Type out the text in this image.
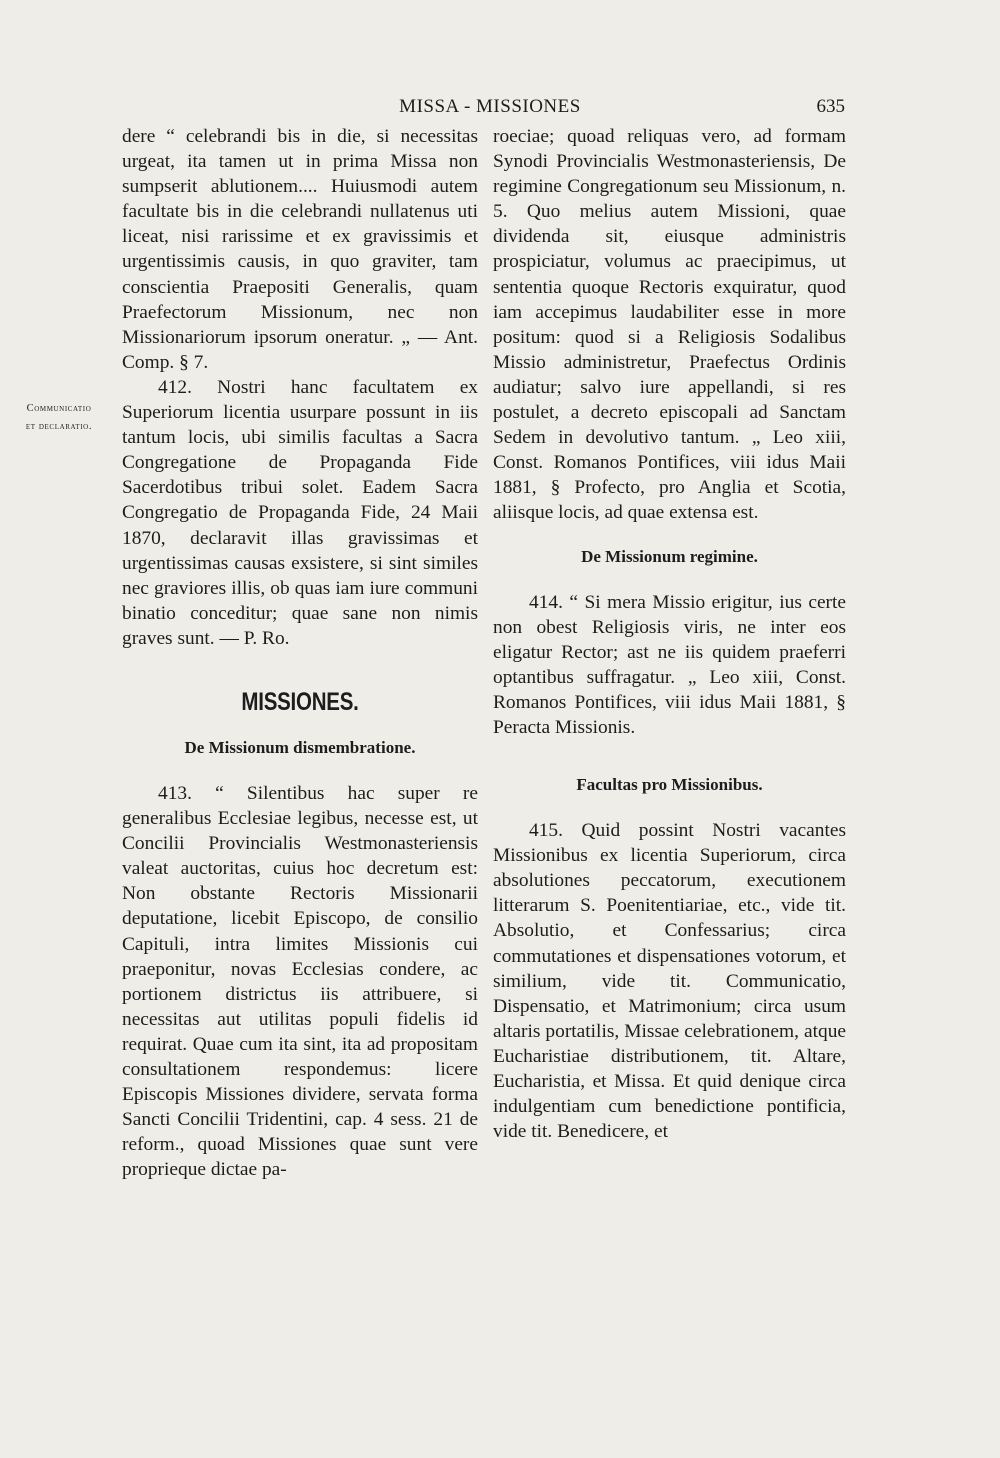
MISSA - MISSIONES	635
Communicatio
et declaratio.

dere “ celebrandi bis in die, si necessitas urgeat, ita tamen ut in prima Missa non sumpserit ablutionem.... Huiusmodi autem facultate bis in die celebrandi nullatenus uti liceat, nisi rarissime et ex gravissimis et urgentissimis causis, in quo graviter, tam conscientia Praepositi Generalis, quam Praefectorum Missionum, nec non Missionariorum ipsorum oneratur. „ — Ant. Comp. § 7.

412. Nostri hanc facultatem ex Superiorum licentia usurpare possunt in iis tantum locis, ubi similis facultas a Sacra Congregatione de Propaganda Fide Sacerdotibus tribui solet. Eadem Sacra Congregatio de Propaganda Fide, 24 Maii 1870, declaravit illas gravissimas et urgentissimas causas exsistere, si sint similes nec graviores illis, ob quas iam iure communi binatio conceditur; quae sane non nimis graves sunt. — P. Ro.

MISSIONES.
De Missionum dismembratione.

413. “ Silentibus hac super re generalibus Ecclesiae legibus, necesse est, ut Concilii Provincialis Westmonasteriensis valeat auctoritas, cuius hoc decretum est: Non obstante Rectoris Missionarii deputatione, licebit Episcopo, de consilio Capituli, intra limites Missionis cui praeponitur, novas Ecclesias condere, ac portionem districtus iis attribuere, si necessitas aut utilitas populi fidelis id requirat. Quae cum ita sint, ita ad propositam consultationem respondemus: licere Episcopis Missiones dividere, servata forma Sancti Concilii Tridentini, cap. 4 sess. 21 de reform., quoad Missiones quae sunt vere proprieque dictae pa-

roeciae; quoad reliquas vero, ad formam Synodi Provincialis Westmonasteriensis, De regimine Congregationum seu Missionum, n. 5. Quo melius autem Missioni, quae dividenda sit, eiusque administris prospiciatur, volumus ac praecipimus, ut sententia quoque Rectoris exquiratur, quod iam accepimus laudabiliter esse in more positum: quod si a Religiosis Sodalibus Missio administretur, Praefectus Ordinis audiatur; salvo iure appellandi, si res postulet, a decreto episcopali ad Sanctam Sedem in devolutivo tantum. „ Leo xiii, Const. Romanos Pontifices, viii idus Maii 1881, § Profecto, pro Anglia et Scotia, aliisque locis, ad quae extensa est.

De Missionum regimine.

414. “ Si mera Missio erigitur, ius certe non obest Religiosis viris, ne inter eos eligatur Rector; ast ne iis quidem praeferri optantibus suffragatur. „ Leo xiii, Const. Romanos Pontifices, viii idus Maii 1881, § Peracta Missionis.

Facultas pro Missionibus.

415. Quid possint Nostri vacantes Missionibus ex licentia Superiorum, circa absolutiones peccatorum, executionem litterarum S. Poenitentiariae, etc., vide tit. Absolutio, et Confessarius; circa commutationes et dispensationes votorum, et similium, vide tit. Communicatio, Dispensatio, et Matrimonium; circa usum altaris portatilis, Missae celebrationem, atque Eucharistiae distributionem, tit. Altare, Eucharistia, et Missa. Et quid denique circa indulgentiam cum benedictione pontificia, vide tit. Benedicere, et
